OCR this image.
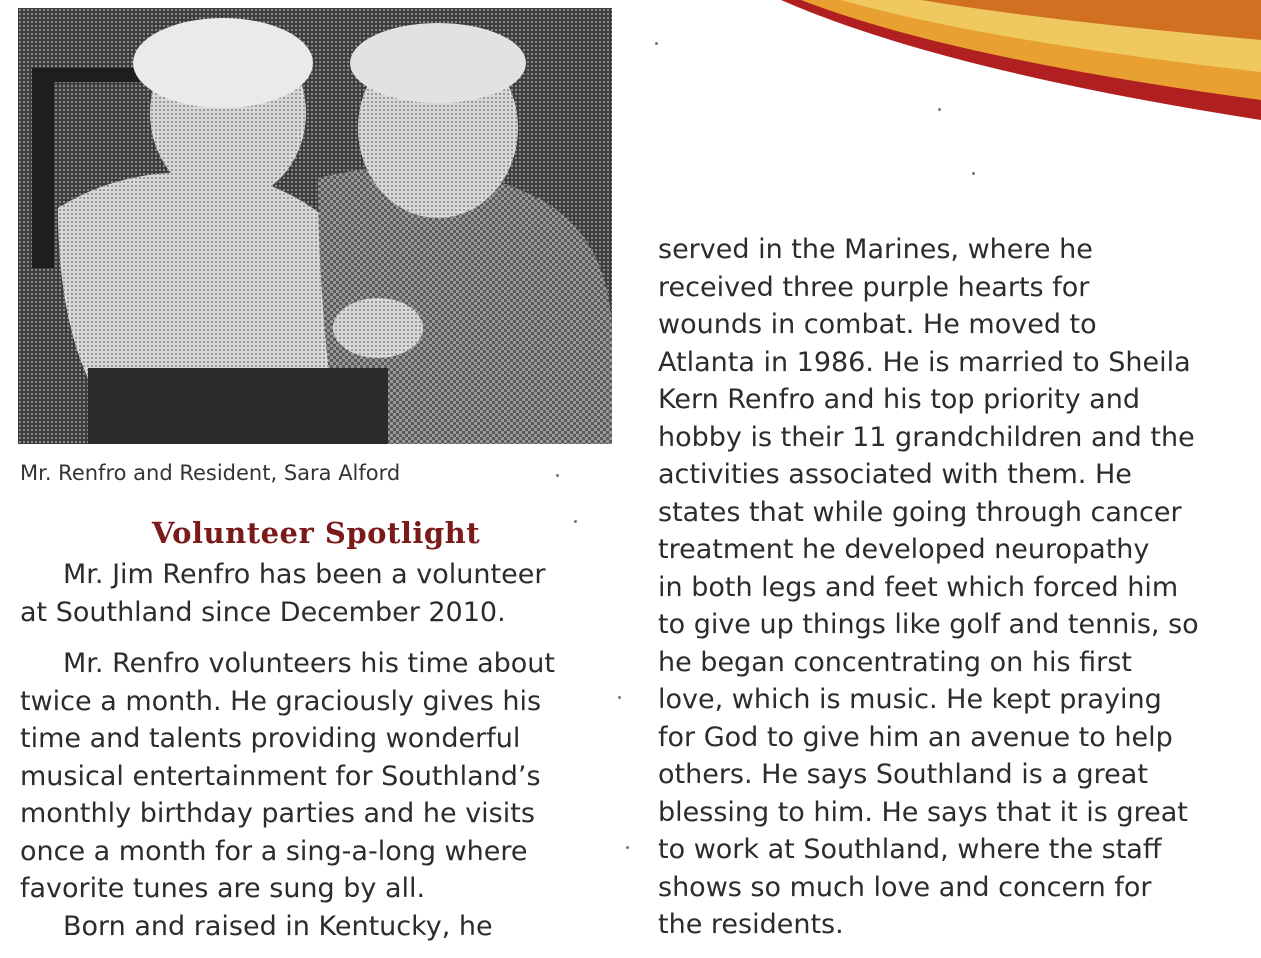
Mr. Renfro and Resident, Sara Alford
Volunteer Spotlight

Mr. Jim Renfro has been a volunteer

at Southland since December 2010.

Mr. Renfro volunteers his time about

twice a month. He graciously gives his
time and talents providing wonderful
musical entertainment for Southland’s
monthly birthday parties and he visits
once a month for a sing-a-long where
favorite tunes are sung by all.

Born and raised in Kentucky, he

served in the Marines, where he
received three purple hearts for
wounds in combat. He moved to
Atlanta in 1986. He is married to Sheila
Kern Renfro and his top priority and
hobby is their 11 grandchildren and the
activities associated with them. He
states that while going through cancer
treatment he developed neuropathy
in both legs and feet which forced him
to give up things like golf and tennis, so
he began concentrating on his first
love, which is music. He kept praying
for God to give him an avenue to help
others. He says Southland is a great
blessing to him. He says that it is great
to work at Southland, where the staff
shows so much love and concern for
the residents.
